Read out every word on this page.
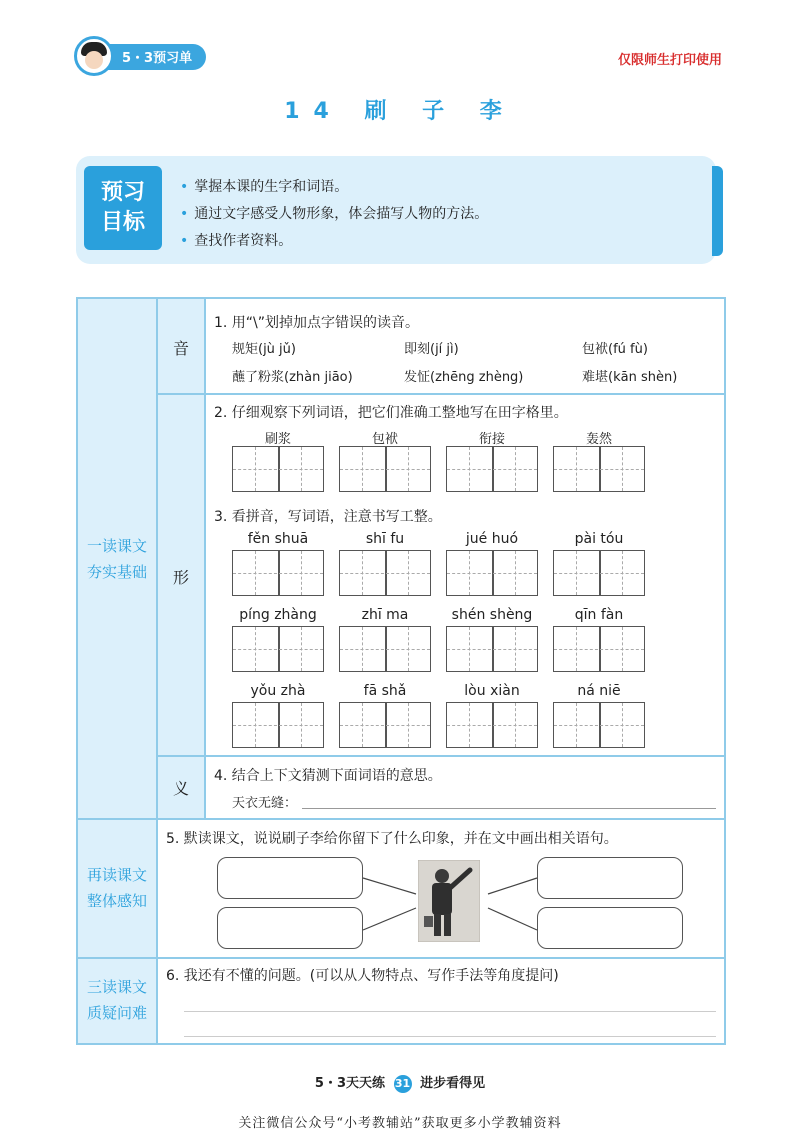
5・3预习单	仅限师生打印使用
14 刷 子 李
预习
目标
• 掌握本课的生字和词语。
• 通过文字感受人物形象，体会描写人物的方法。
• 查找作者资料。
一读课文
夯实基础
再读课文
整体感知
三读课文
质疑问难
音
形
义
1. 用“\”划掉加点字错误的读音。
规矩(jù jǔ)	即刻(jí jì)	包袱(fú fù)
蘸了粉浆(zhàn jiāo)	发怔(zhēng zhèng)	难堪(kān shèn)
2. 仔细观察下列词语，把它们准确工整地写在田字格里。
刷浆	包袱	衔接	轰然
3. 看拼音，写词语，注意书写工整。
fěn shuā	shī fu	jué huó	pài tóu
píng zhàng	zhī ma	shén shèng	qīn fàn
yǒu zhà	fā shǎ	lòu xiàn	ná niē
4. 结合上下文猜测下面词语的意思。
天衣无缝：
5. 默读课文，说说刷子李给你留下了什么印象，并在文中画出相关语句。
6. 我还有不懂的问题。(可以从人物特点、写作手法等角度提问)
5・3天天练 31 进步看得见
关注微信公众号“小考教辅站”获取更多小学教辅资料
